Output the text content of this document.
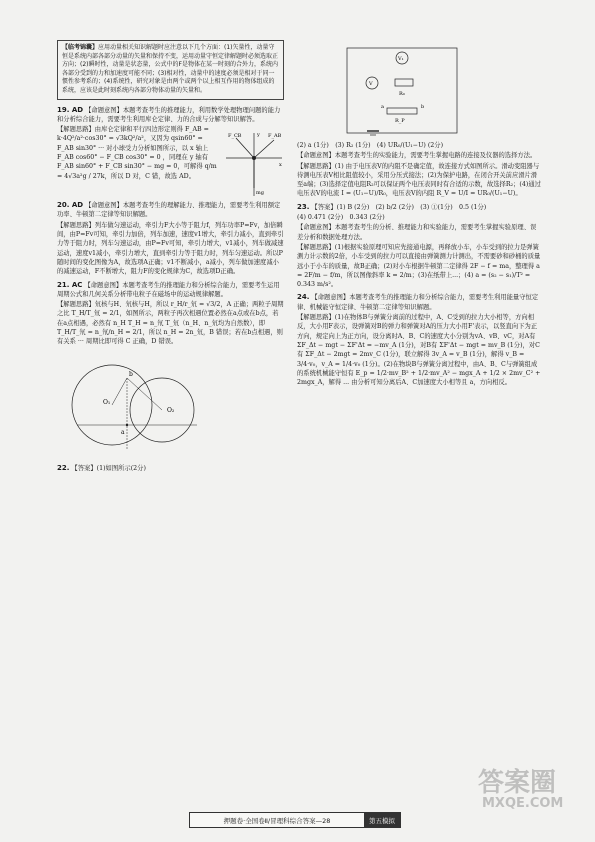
【临考锦囊】应用动量相关知识解题时应注意以下几个方面：(1)矢量性，动量守恒是系统内部各部分动量的矢量和保持不变，运用动量守恒定律解题时必须选取正方向；(2)瞬时性，动量是状态量，公式中的F是物体在某一时刻的合外力，系统内各部分受到的力和加速度可能不同；(3)相对性，动量中的速度必须是相对于同一惯性参考系的；(4)系统性，研究对象是由两个或两个以上相互作用的物体组成的系统，应该是此时刻系统内各部分物体动量的矢量和。

19. AD 【命题意图】本题考查考生的推理能力，利用数学处理物理问题的能力和分析综合能力，需要考生利用库仑定律、力的合成与分解等知识解答。

F_CB	F_AB
mg
x
y

【解题思路】由库仑定律和平行四边形定则得 F_AB = k·4Q²/a²·cos30° = √3kQ²/a²，又因为 qsin60° = F_AB sin30° ··· 对小球受力分析如图所示，以 x 轴上 F_AB cos60° − F_CB cos30° = 0 ，同理在 y 轴有 F_AB sin60° + F_CB sin30° − mg = 0，可解得 q/m = 4√3a²g / 27k，所以 D 对，C 错，故选 AD。

20. AD 【命题意图】本题考查考生的理解能力、推理能力，需要考生利用额定功率、牛顿第二定律等知识解题。

【解题思路】列车做匀速运动，牵引力F大小等于阻力f，列车功率P=Fv，加倍瞬间，由P=Fv可知，牵引力加倍，列车加速，速度v1增大，牵引力减小，直到牵引力等于阻力时，列车匀速运动，由P=Fv可知，牵引力增大，v1减小，列车做减速运动，速度v1减小，牵引力增大，直到牵引力等于阻力时，列车匀速运动。所以P随时间的变化图像为A，故选项A正确；v1不断减小，a减小，列车做加速度减小的减速运动，F不断增大，阻力F的变化规律为C，故选项D正确。

21. AC 【命题意图】本题考查考生的推理能力和分析综合能力，需要考生运用周期公式和几何关系分析带电粒子在磁场中的运动规律解题。

【解题思路】氘核与H、氘核与H，所以 r_H/r_氘 = √3/2，A 正确；两粒子周期之比 T_H/T_氘 = 2/1，如图所示，两粒子再次相遇位置必然在a点或在b点，若在a点相遇，必然有 n_H T_H = n_氘 T_氘（n_H、n_氘均为自然数），即 T_H/T_氘 = n_氘/n_H = 2/1，所以 n_H = 2n_氘，B 错误；若在b点相遇，则有关系 ··· 周期比即可得 C 正确，D 错误。

O₁
O₂
b
a

22. 【答案】(1)如图所示(2分)

V₁
V
R₀
R_P
a	b

(2) a (1分)　(3) R₂ (1分)　(4) UR₀/(U₁−U) (2分)

【命题意图】本题考查考生的实验能力，需要考生掌握电路的连接及仪器的选择方法。

【解题思路】(1) 由于电压表V的内阻不是确定值，故连接方式如图所示。滑动变阻器与待测电压表V相比阻值较小，采用分压式接法；(2)为保护电路，在闭合开关前应滑片滑至a端；(3)选择定值电阻R₂可以保证两个电压表同时有合适的示数，故选择R₂；(4)通过电压表V的电流 I = (U₁−U)/R₀，电压表V的内阻 R_V = U/I = UR₀/(U₁−U)。

23. 【答案】(1) B (2分)　(2) b/2 (2分)　(3) ①(1分)　0.5 (1分)

(4) 0.471 (2分)　0.343 (2分)

【命题意图】本题考查考生的分析、推理能力和实验能力，需要考生掌握实验原理、误差分析和数据处理方法。

【解题思路】(1)根据实验原理可知应先接通电源，再释放小车，小车受到的拉力是弹簧测力计示数的2倍，小车受到的拉力可以直接由弹簧测力计测出，不需要砂和砂桶的质量远小于小车的质量，故B正确；(2)对小车根据牛顿第二定律得 2F − f = ma，整理得 a = 2F/m − f/m，所以图像斜率 k = 2/m；(3)在纸带上...；(4) a = (s₂ − s₁)/T² = 0.343 m/s²。

24. 【命题意图】本题考查考生的推理能力和分析综合能力，需要考生利用能量守恒定律、机械能守恒定律、牛顿第二定律等知识解题。

【解题思路】(1)在物体B与弹簧分离前的过程中，A、C受到的拉力大小相等，方向相反，大小用F表示，设弹簧对B的弹力和弹簧对A的压力大小用F'表示，以竖直向下为正方向，规定向上为正方向，设分离时A、B、C的速度大小分别为vA、vB、vC，对A有 ΣF_Δt − mgt − ΣF'Δt = −mv_A (1分)，对B有 ΣF'Δt − mgt = mv_B (1分)，对C有 ΣF_Δt − 2mgt = 2mv_C (1分)，联立解得 3v_A = v_B (1分)，解得 v_B = 3/4·v₀，v_A = 1/4·v₀ (1分)。(2)在物块B与弹簧分离过程中，由A、B、C与弹簧组成的系统机械能守恒有 E_p = 1/2·mv_B² + 1/2·mv_A² − mgx_A + 1/2 × 2mv_C² + 2mgx_A，解得 ... 由分析可知分离后A、C加速度大小相等且 a，方向相反。

答案圈
MXQE.COM
押题卷·全国卷Ⅱ/冒理科综合答案—28	第五模拟
